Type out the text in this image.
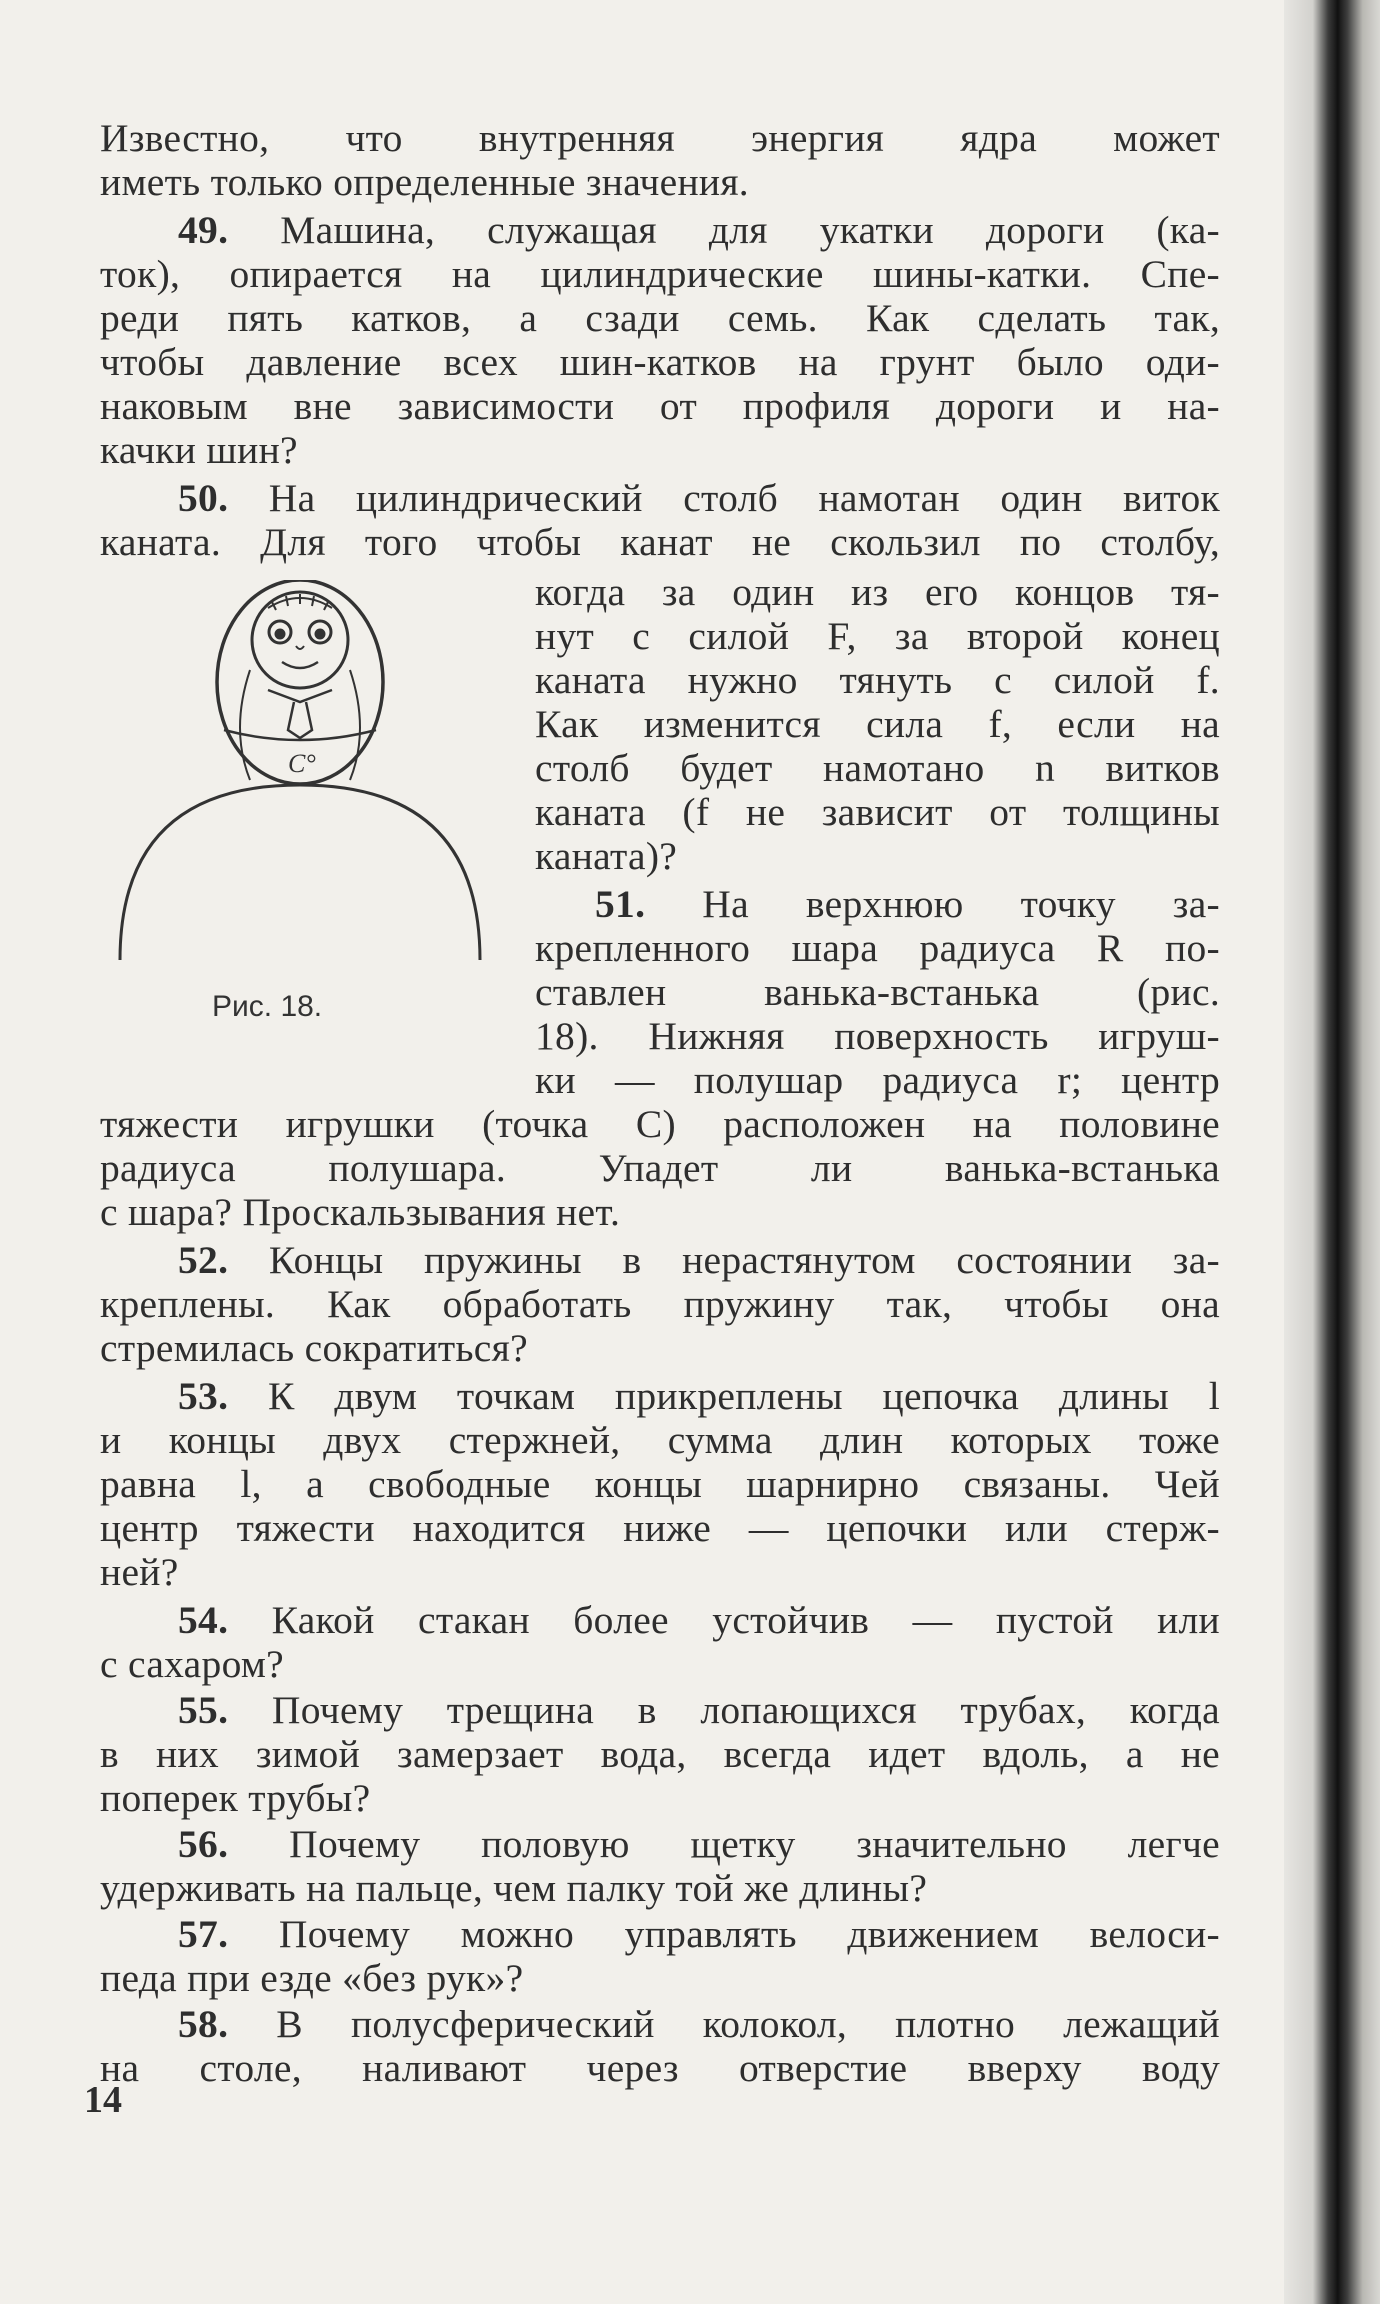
Известно, что внутренняя энергия ядра может
иметь только определенные значения.
49. Машина, служащая для укатки дороги (ка-
ток), опирается на цилиндрические шины-катки. Спе-
реди пять катков, а сзади семь. Как сделать так,
чтобы давление всех шин-катков на грунт было оди-
наковым вне зависимости от профиля дороги и на-
качки шин?
50. На цилиндрический столб намотан один виток
каната. Для того чтобы канат не скользил по столбу,
когда за один из его концов тя-
нут с силой F, за второй конец
каната нужно тянуть с силой f.
Как изменится сила f, если на
столб будет намотано n витков
каната (f не зависит от толщины
каната)?
51. На верхнюю точку за-
крепленного шара радиуса R по-
ставлен ванька-встанька (рис.
18). Нижняя поверхность игруш-
ки — полушар радиуса r; центр
тяжести игрушки (точка C) расположен на половине
радиуса полушара. Упадет ли ванька-встанька
с шара? Проскальзывания нет.
52. Концы пружины в нерастянутом состоянии за-
креплены. Как обработать пружину так, чтобы она
стремилась сократиться?
53. К двум точкам прикреплены цепочка длины l
и концы двух стержней, сумма длин которых тоже
равна l, а свободные концы шарнирно связаны. Чей
центр тяжести находится ниже — цепочки или стерж-
ней?
54. Какой стакан более устойчив — пустой или
с сахаром?
55. Почему трещина в лопающихся трубах, когда
в них зимой замерзает вода, всегда идет вдоль, а не
поперек трубы?
56. Почему половую щетку значительно легче
удерживать на пальце, чем палку той же длины?
57. Почему можно управлять движением велоси-
педа при езде «без рук»?
58. В полусферический колокол, плотно лежащий
на столе, наливают через отверстие вверху воду
C°
Рис. 18.
14
